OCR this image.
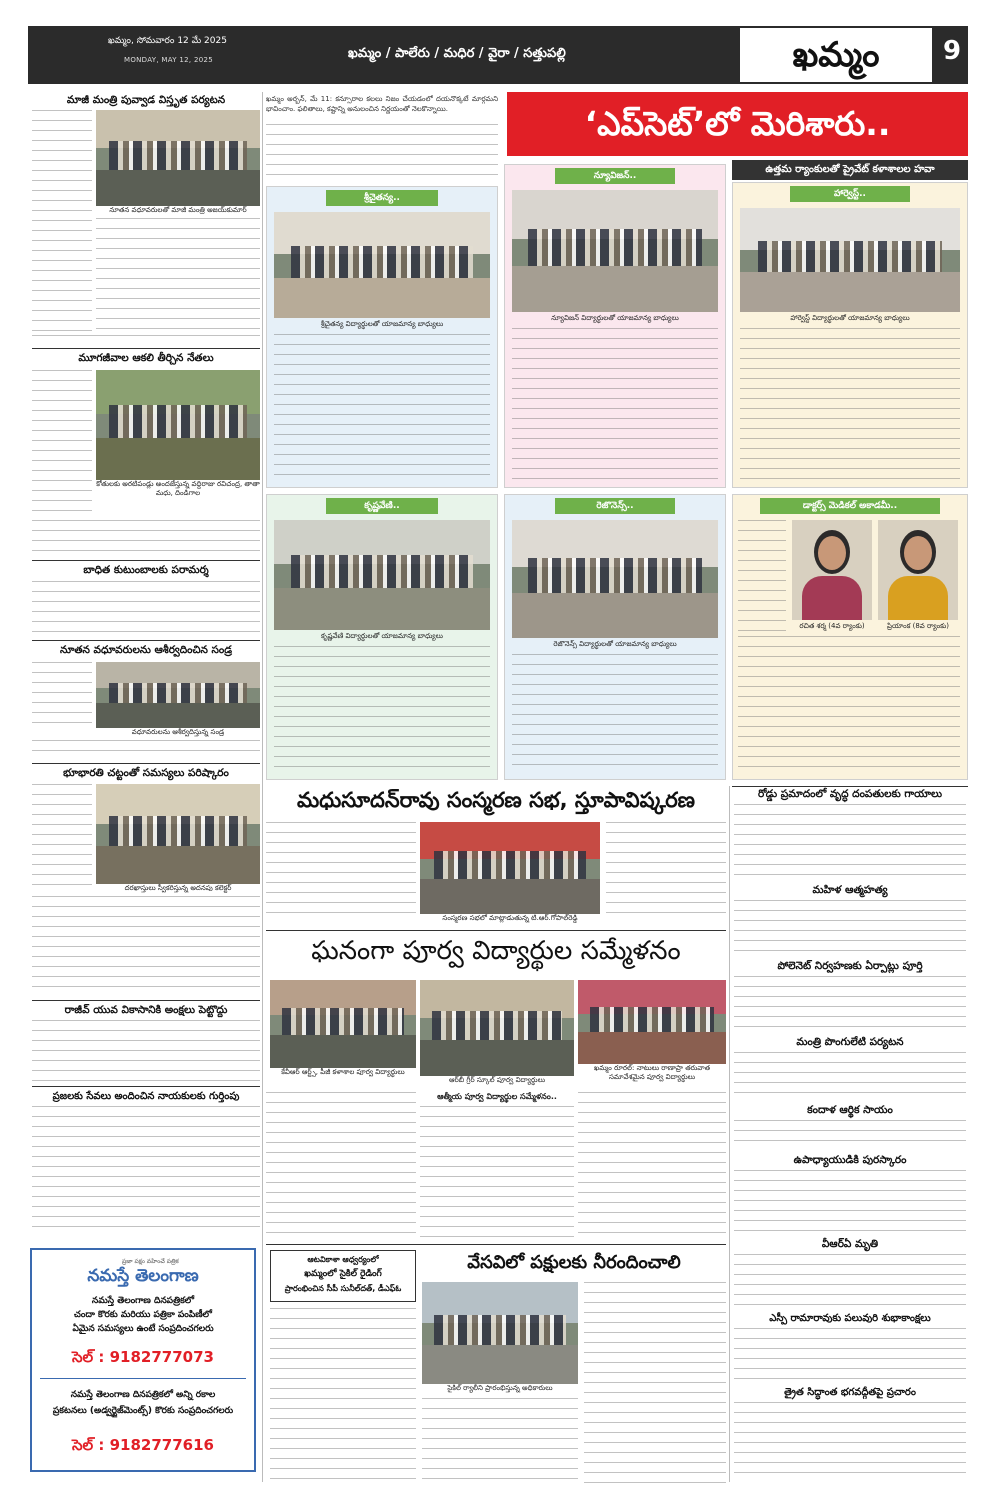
ఖమ్మం, సోమవారం 12 మే 2025
MONDAY, MAY 12, 2025	ఖమ్మం / పాలేరు / మధిర / వైరా / సత్తుపల్లి	ఖమ్మం	9
మాజీ మంత్రి పువ్వాడ విస్తృత పర్యటన
నూతన వధూవరులతో మాజీ మంత్రి అజయ్‌కుమార్
మూగజీవాల ఆకలి తీర్చిన నేతలు
కోతులకు అరటిపండ్లు అందజేస్తున్న వద్దిరాజు రవిచంద్ర, తాతా మధు, దిండిగాల
బాధిత కుటుంబాలకు పరామర్శ
నూతన వధూవరులను ఆశీర్వదించిన సండ్ర
వధూవరులను ఆశీర్వదిస్తున్న సండ్ర
భూభారతి చట్టంతో సమస్యలు పరిష్కారం
దరఖాస్తులు స్వీకరిస్తున్న అదనపు కలెక్టర్
రాజీవ్ యువ వికాసానికి అంక్షలు పెట్టొద్దు
ప్రజలకు సేవలు అందించిన నాయకులకు గుర్తింపు
ప్రజా పక్షం వహించే పత్రిక
నమస్తే తెలంగాణ
నమస్తే తెలంగాణ దినపత్రికలో
చందా కొరకు మరియు పత్రికా పంపిణీలో
ఏమైన సమస్యలు ఉంటే సంప్రదించగలరు
సెల్ : 9182777073
నమస్తే తెలంగాణ దినపత్రికలో అన్ని రకాల
ప్రకటనలు (అడ్వర్టైజ్‌మెంట్స్) కొరకు సంప్రదించగలరు
సెల్ : 9182777616
ఖమ్మం అర్బన్, మే 11: కన్సూరాల కలలు నిజం చేయడంలో దయనొక్కటే మార్గమని భావించాం. ఫలితాలు, కష్టాన్ని అనులంచిన నిర్ణయంతో నెలకొన్నాయి.	‘ఎప్‌సెట్’లో మెరిశారు..
ఉత్తమ ర్యాంకులతో ప్రైవేట్ కళాశాలల హవా
శ్రీచైతన్య..
శ్రీచైతన్య విద్యార్థులతో యాజమాన్య బాధ్యులు
న్యూవిజన్..
న్యూవిజన్ విద్యార్థులతో యాజమాన్య బాధ్యులు
హార్వెస్ట్..
హార్వెస్ట్ విద్యార్థులతో యాజమాన్య బాధ్యులు
కృష్ణవేణి..
కృష్ణవేణి విద్యార్థులతో యాజమాన్య బాధ్యులు
రెజొనెన్స్..
రెజొనెన్స్ విద్యార్థులతో యాజమాన్య బాధ్యులు
డాక్టర్స్ మెడికల్ అకాడమీ..
రచిత శర్మ (4వ ర్యాంకు)	ప్రియాంక (8వ ర్యాంకు)
మధుసూదన్‌రావు సంస్మరణ సభ, స్తూపావిష్కరణ
సంస్మరణ సభలో మాట్లాడుతున్న టి.ఆర్.గోపాల్‌రెడ్డి
ఘనంగా పూర్వ విద్యార్థుల సమ్మేళనం
కేవీఆర్ ఆర్ట్స్, పీజీ కళాశాల పూర్వ విద్యార్థులు
ఆర్‌బీ గ్రీర్ స్కూల్ పూర్వ విద్యార్థులు
ఖమ్మం రూరల్: నాటులు రాణాప్రా తరువాత సమావేశమైన పూర్వ విద్యార్థులు
ఆత్మీయ పూర్వ విద్యార్థుల సమ్మేళనం..
ఆటవికాశా ఆధ్వర్యంలో
ఖమ్మంలో సైకిల్ రైడింగ్
ప్రారంభించిన సీపీ సునీల్‌దత్, డీఎఫ్ఓ
వేసవిలో పక్షులకు నీరందించాలి
సైకిల్ ర్యాలీని ప్రారంభిస్తున్న అధికారులు
రోడ్డు ప్రమాదంలో వృద్ధ దంపతులకు గాయాలు
మహిళ ఆత్మహత్య
పోలెనెట్ నిర్వహణకు ఏర్పాట్లు పూర్తి
మంత్రి పొంగులేటి పర్యటన
కందాళ ఆర్థిక సాయం
ఉపాధ్యాయుడికి పురస్కారం
వీఆర్ఏ మృతి
ఎస్పీ రామారావుకు పలువురి శుభాకాంక్షలు
త్రైత సిద్ధాంత భగవద్గీతపై ప్రచారం
